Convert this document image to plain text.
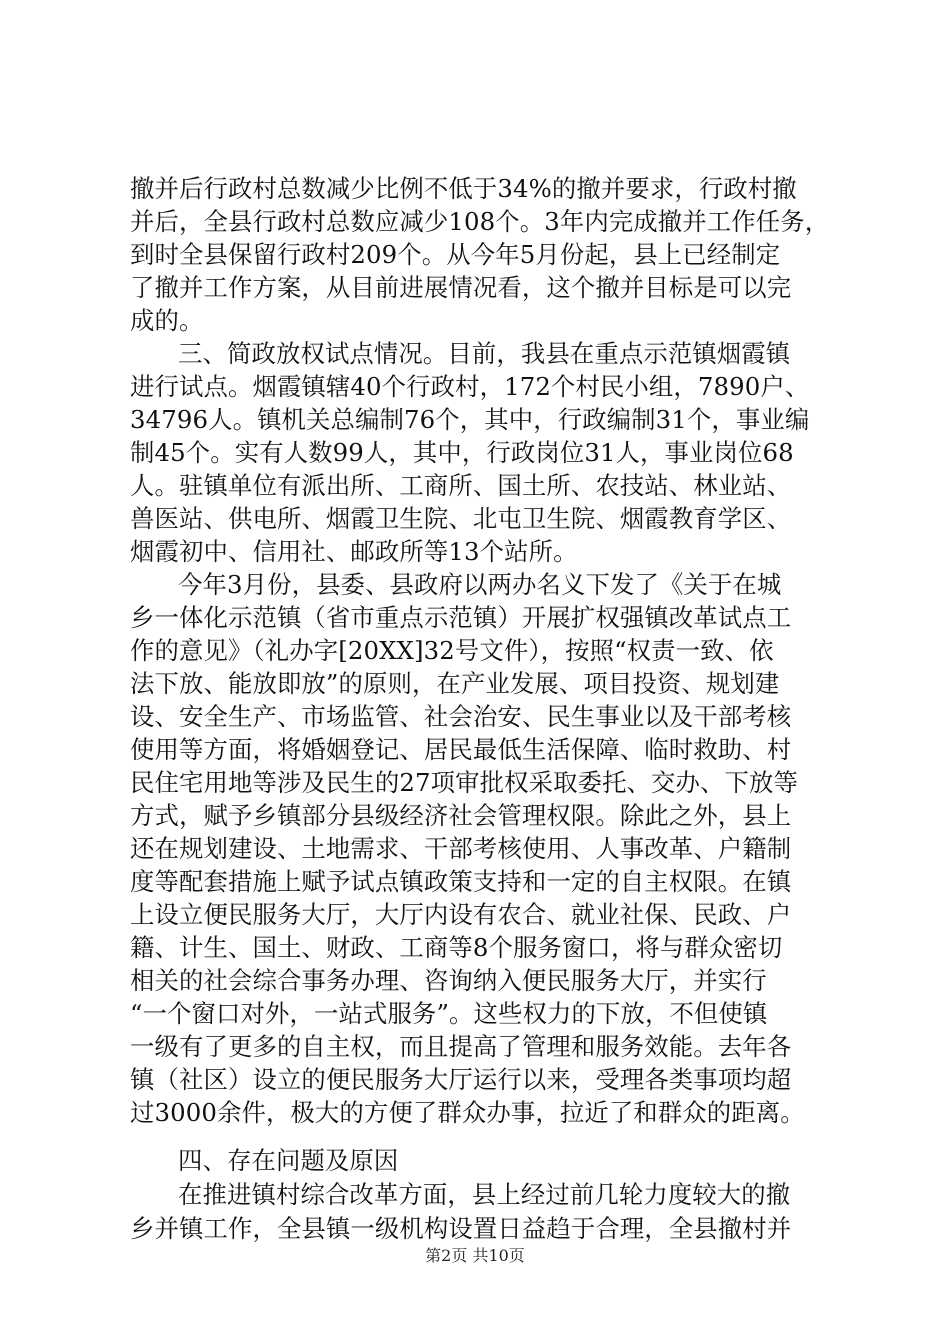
撤并后行政村总数减少比例不低于34%的撤并要求，行政村撤
并后，全县行政村总数应减少108个。3年内完成撤并工作任务，
到时全县保留行政村209个。从今年5月份起，县上已经制定
了撤并工作方案，从目前进展情况看，这个撤并目标是可以完
成的。
三、简政放权试点情况。目前，我县在重点示范镇烟霞镇
进行试点。烟霞镇辖40个行政村，172个村民小组，7890户、
34796人。镇机关总编制76个，其中，行政编制31个，事业编
制45个。实有人数99人，其中，行政岗位31人，事业岗位68
人。驻镇单位有派出所、工商所、国土所、农技站、林业站、
兽医站、供电所、烟霞卫生院、北屯卫生院、烟霞教育学区、
烟霞初中、信用社、邮政所等13个站所。
今年3月份，县委、县政府以两办名义下发了《关于在城
乡一体化示范镇（省市重点示范镇）开展扩权强镇改革试点工
作的意见》（礼办字[20XX]32号文件），按照“权责一致、依
法下放、能放即放”的原则，在产业发展、项目投资、规划建
设、安全生产、市场监管、社会治安、民生事业以及干部考核
使用等方面，将婚姻登记、居民最低生活保障、临时救助、村
民住宅用地等涉及民生的27项审批权采取委托、交办、下放等
方式，赋予乡镇部分县级经济社会管理权限。除此之外，县上
还在规划建设、土地需求、干部考核使用、人事改革、户籍制
度等配套措施上赋予试点镇政策支持和一定的自主权限。在镇
上设立便民服务大厅，大厅内设有农合、就业社保、民政、户
籍、计生、国土、财政、工商等8个服务窗口，将与群众密切
相关的社会综合事务办理、咨询纳入便民服务大厅，并实行
“一个窗口对外，一站式服务”。这些权力的下放，不但使镇
一级有了更多的自主权，而且提高了管理和服务效能。去年各
镇（社区）设立的便民服务大厅运行以来，受理各类事项均超
过3000余件，极大的方便了群众办事，拉近了和群众的距离。
四、存在问题及原因
在推进镇村综合改革方面，县上经过前几轮力度较大的撤
乡并镇工作，全县镇一级机构设置日益趋于合理，全县撤村并
第2页 共10页
